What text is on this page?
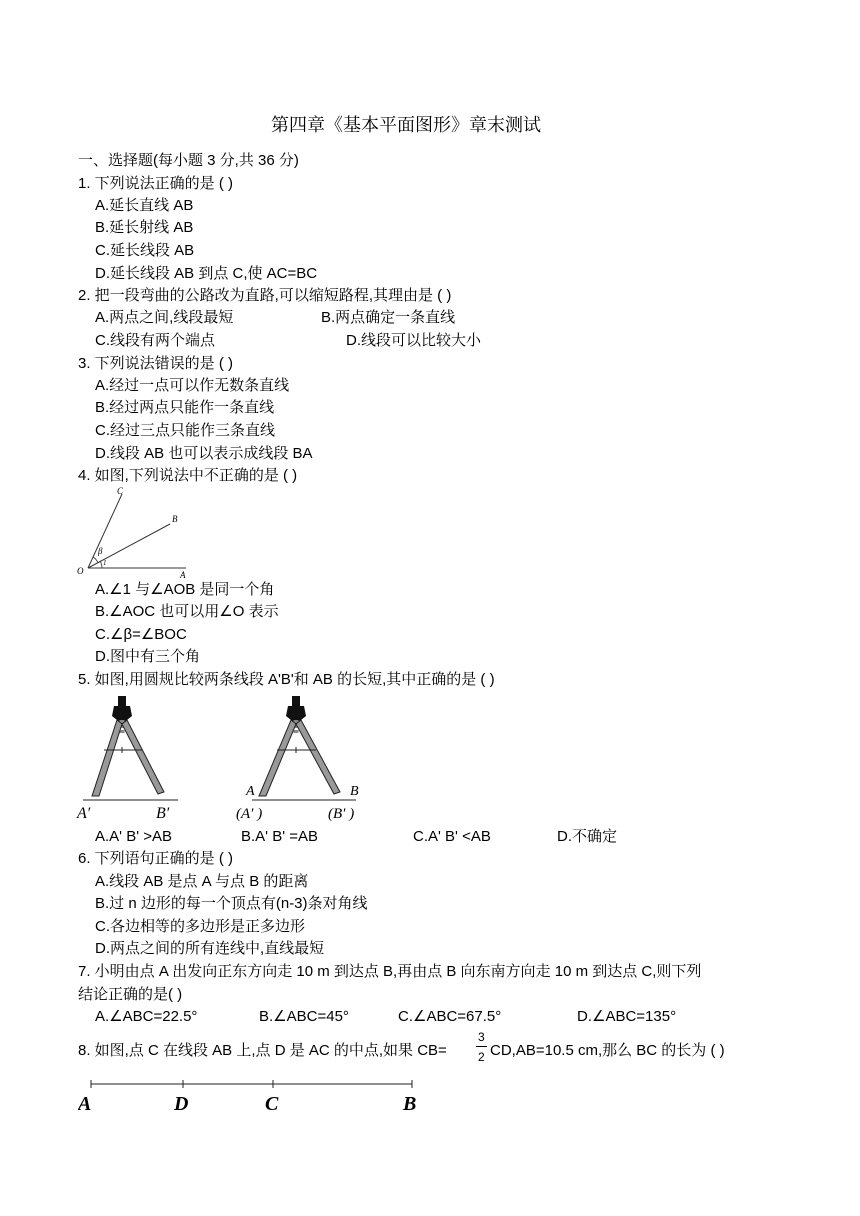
第四章《基本平面图形》章末测试
一、选择题(每小题 3 分,共 36 分)
1. 下列说法正确的是 ( )
A.延长直线 AB
B.延长射线 AB
C.延长线段 AB
D.延长线段 AB 到点 C,使 AC=BC
2. 把一段弯曲的公路改为直路,可以缩短路程,其理由是 ( )
A.两点之间,线段最短	B.两点确定一条直线
C.线段有两个端点	D.线段可以比较大小
3. 下列说法错误的是 ( )
A.经过一点可以作无数条直线
B.经过两点只能作一条直线
C.经过三点只能作三条直线
D.线段 AB 也可以表示成线段 BA
4. 如图,下列说法中不正确的是 ( )
C
B
O	A
β
1
A.∠1 与∠AOB 是同一个角
B.∠AOC 也可以用∠O 表示
C.∠β=∠BOC
D.图中有三个角
5. 如图,用圆规比较两条线段 A'B'和 AB 的长短,其中正确的是 ( )
A′	B′
A	B
(A′ )	(B′ )
A.A' B' >AB	B.A' B' =AB	C.A' B' <AB	D.不确定
6. 下列语句正确的是 ( )
A.线段 AB 是点 A 与点 B 的距离
B.过 n 边形的每一个顶点有(n-3)条对角线
C.各边相等的多边形是正多边形
D.两点之间的所有连线中,直线最短
7. 小明由点 A 出发向正东方向走 10 m 到达点 B,再由点 B 向东南方向走 10 m 到达点 C,则下列
结论正确的是( )
A.∠ABC=22.5°	B.∠ABC=45°	C.∠ABC=67.5°	D.∠ABC=135°
8. 如图,点 C 在线段 AB 上,点 D 是 AC 的中点,如果 CB=
3
2 CD,AB=10.5 cm,那么 BC 的长为 ( )
A	D	C	B
